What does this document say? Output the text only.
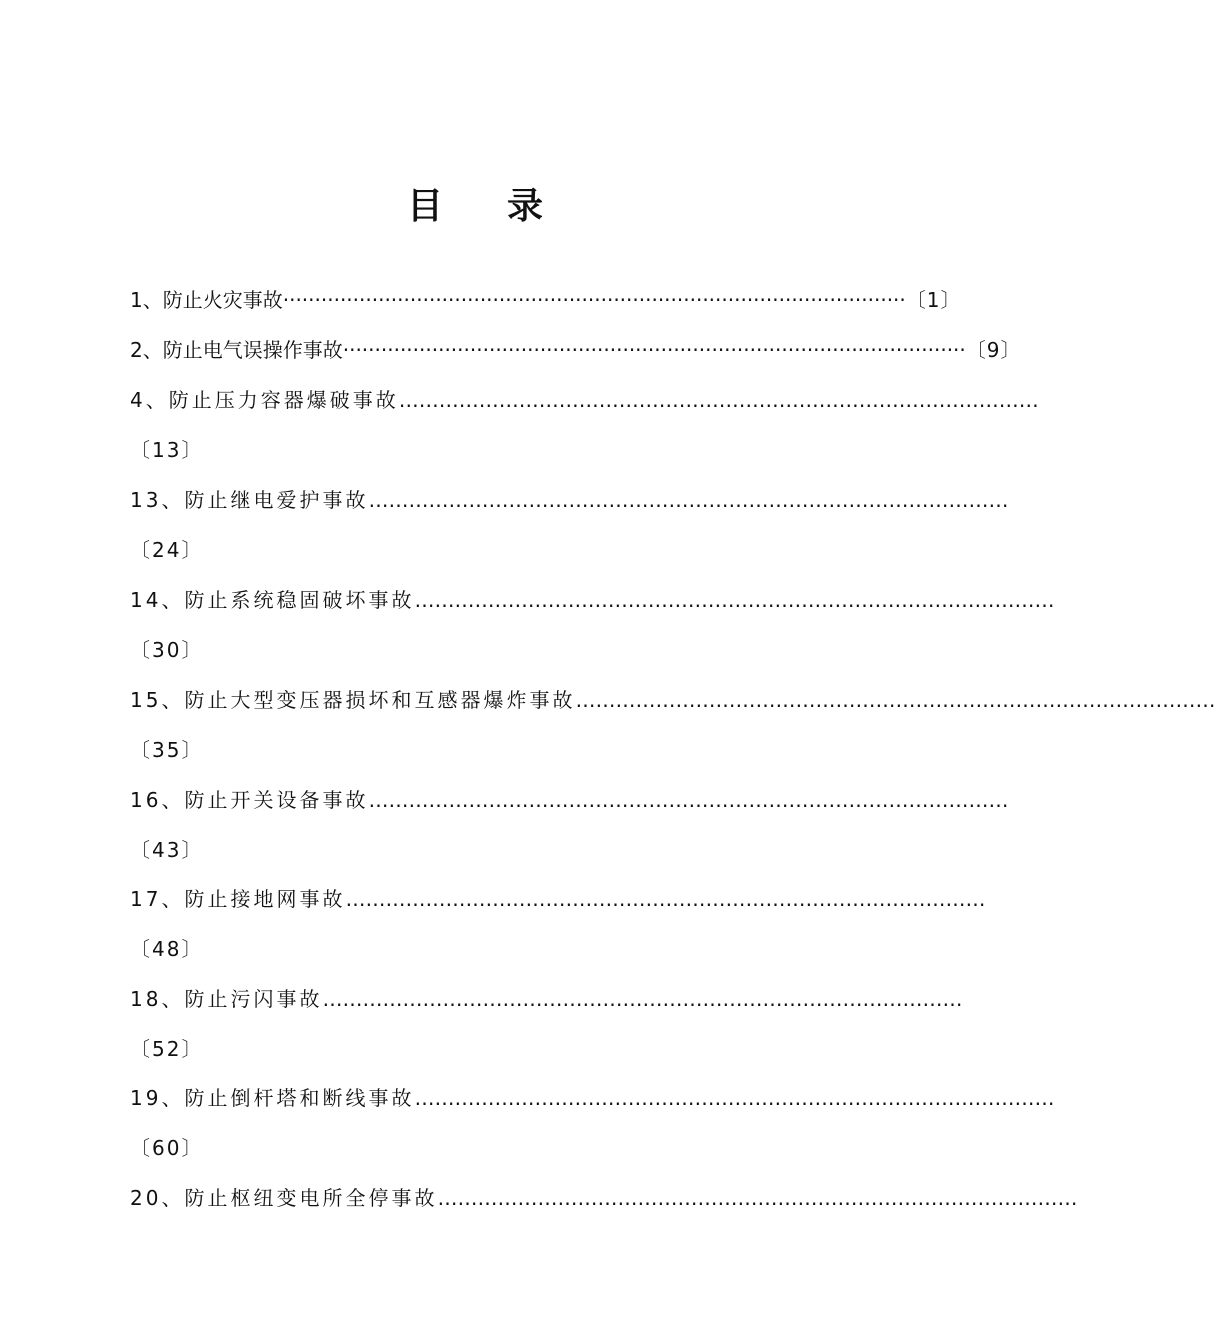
目 录
1、防止火灾事故 ·································································································· 〔1〕
2、防止电气误操作事故 ·································································································· 〔9〕
4、防止压力容器爆破事故 ……………………………………………………………………………………
〔13〕
13、防止继电爱护事故 ……………………………………………………………………………………
〔24〕
14、防止系统稳固破坏事故 ……………………………………………………………………………………
〔30〕
15、防止大型变压器损坏和互感器爆炸事故 ……………………………………………………………………………………
〔35〕
16、防止开关设备事故 ……………………………………………………………………………………
〔43〕
17、防止接地网事故 ……………………………………………………………………………………
〔48〕
18、防止污闪事故 ……………………………………………………………………………………
〔52〕
19、防止倒杆塔和断线事故 ……………………………………………………………………………………
〔60〕
20、防止枢纽变电所全停事故 ……………………………………………………………………………………
